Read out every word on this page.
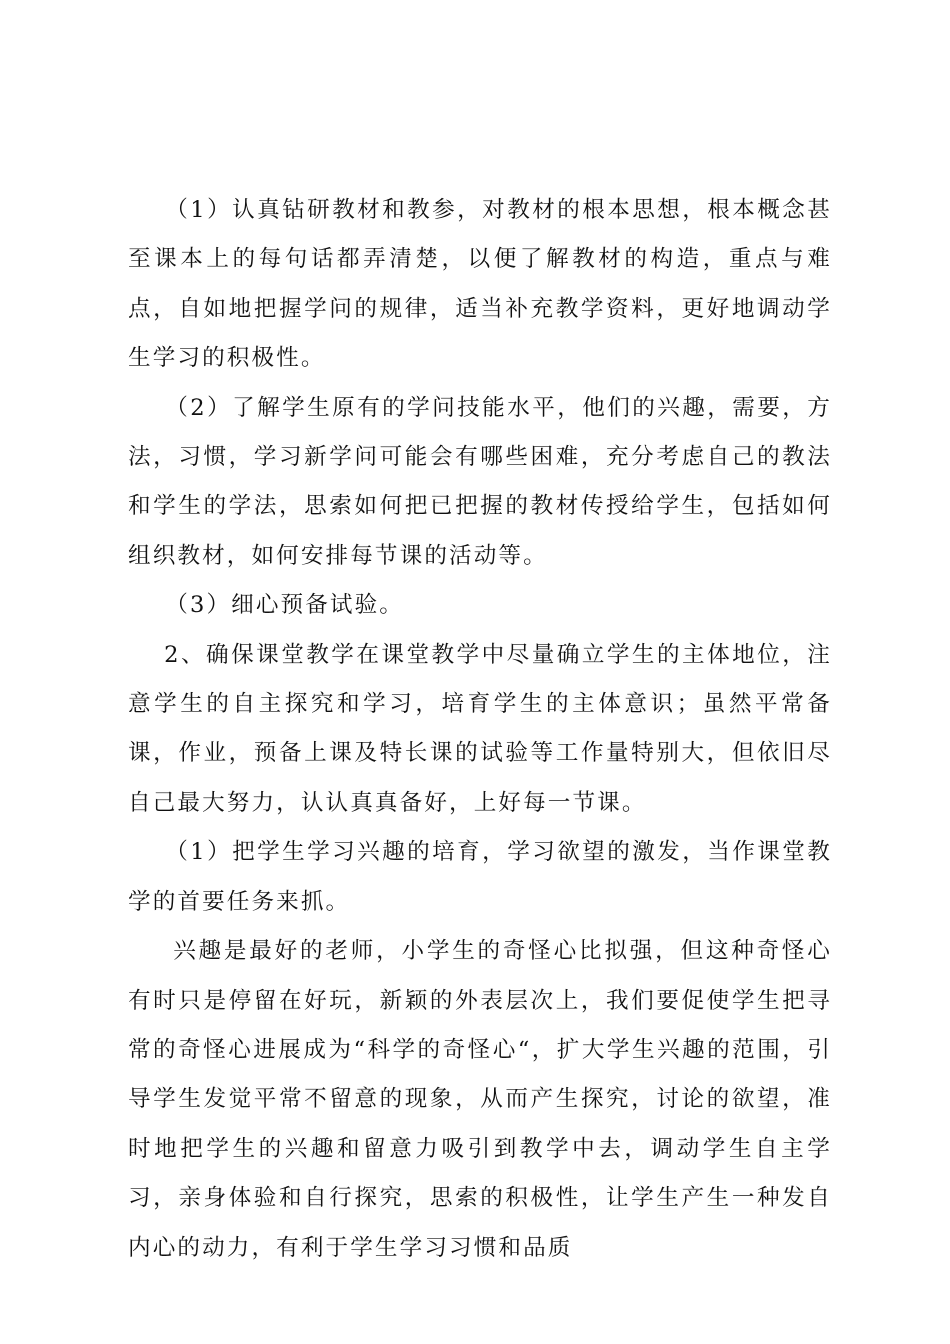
（1）认真钻研教材和教参，对教材的根本思想，根本概念甚至课本上的每句话都弄清楚，以便了解教材的构造，重点与难点，自如地把握学问的规律，适当补充教学资料，更好地调动学生学习的积极性。

（2）了解学生原有的学问技能水平，他们的兴趣，需要，方法，习惯，学习新学问可能会有哪些困难，充分考虑自己的教法和学生的学法，思索如何把已把握的教材传授给学生，包括如何组织教材，如何安排每节课的活动等。

（3）细心预备试验。

2、确保课堂教学在课堂教学中尽量确立学生的主体地位，注意学生的自主探究和学习，培育学生的主体意识；虽然平常备课，作业，预备上课及特长课的试验等工作量特别大，但依旧尽自己最大努力，认认真真备好，上好每一节课。

（1）把学生学习兴趣的培育，学习欲望的激发，当作课堂教学的首要任务来抓。

兴趣是最好的老师，小学生的奇怪心比拟强，但这种奇怪心有时只是停留在好玩，新颖的外表层次上，我们要促使学生把寻常的奇怪心进展成为“科学的奇怪心“，扩大学生兴趣的范围，引导学生发觉平常不留意的现象，从而产生探究，讨论的欲望，准时地把学生的兴趣和留意力吸引到教学中去，调动学生自主学习，亲身体验和自行探究，思索的积极性，让学生产生一种发自内心的动力，有利于学生学习习惯和品质
